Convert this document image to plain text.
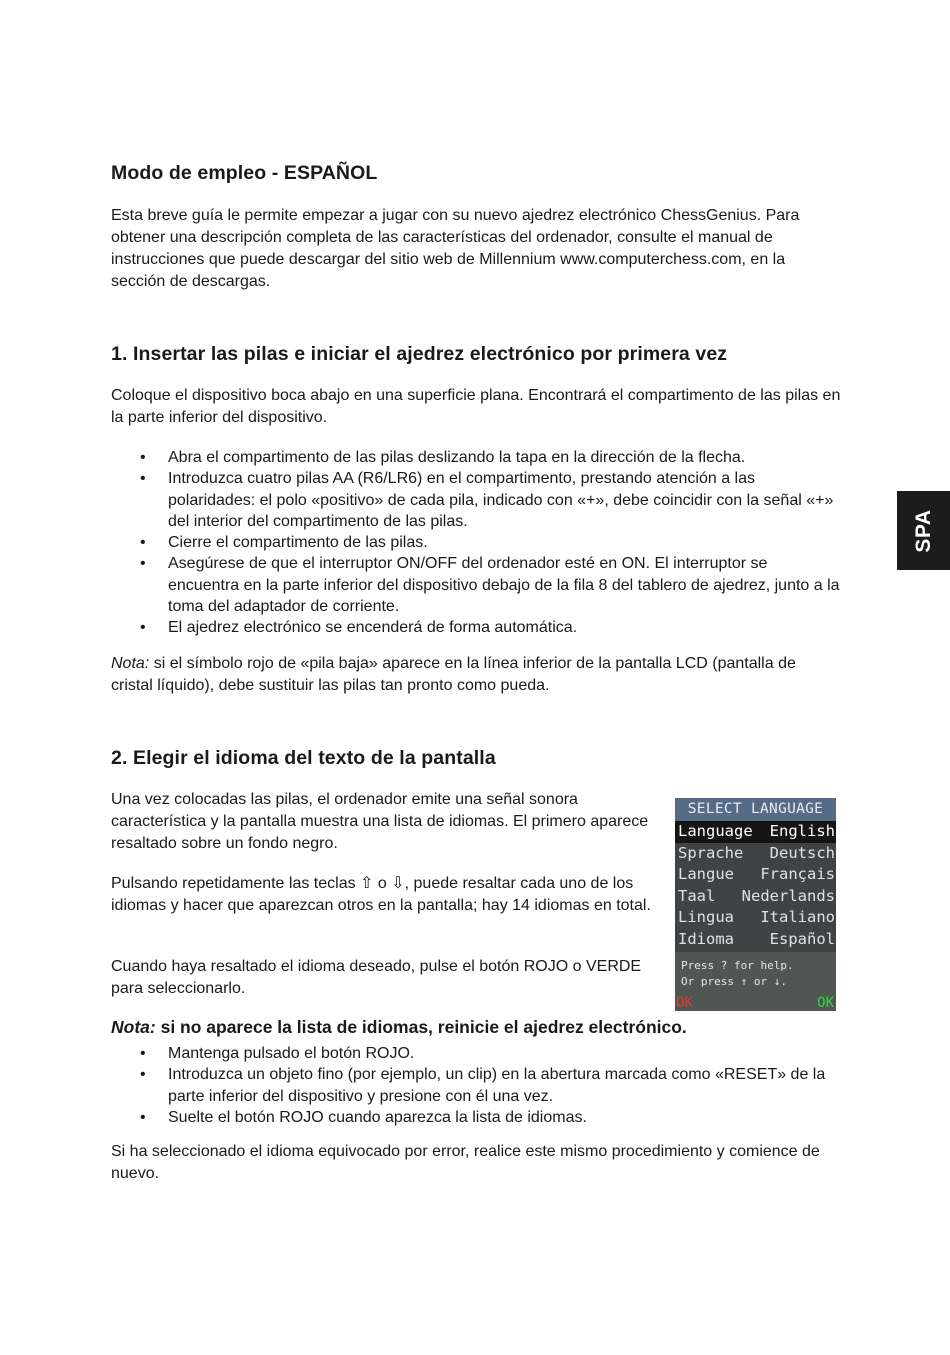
Modo de empleo - ESPAÑOL

Esta breve guía le permite empezar a jugar con su nuevo ajedrez electrónico ChessGenius. Para obtener una descripción completa de las características del ordenador, consulte el manual de instrucciones que puede descargar del sitio web de Millennium www.computerchess.com, en la sección de descargas.

1. Insertar las pilas e iniciar el ajedrez electrónico por primera vez

Coloque el dispositivo boca abajo en una superficie plana. Encontrará el compartimento de las pilas en la parte inferior del dispositivo.

• Abra el compartimento de las pilas deslizando la tapa en la dirección de la flecha.
• Introduzca cuatro pilas AA (R6/LR6) en el compartimento, prestando atención a las polaridades: el polo «positivo» de cada pila, indicado con «+», debe coincidir con la señal «+» del interior del compartimento de las pilas.
• Cierre el compartimento de las pilas.
• Asegúrese de que el interruptor ON/OFF del ordenador esté en ON. El interruptor se encuentra en la parte inferior del dispositivo debajo de la fila 8 del tablero de ajedrez, junto a la toma del adaptador de corriente.
• El ajedrez electrónico se encenderá de forma automática.

Nota: si el símbolo rojo de «pila baja» aparece en la línea inferior de la pantalla LCD (pantalla de cristal líquido), debe sustituir las pilas tan pronto como pueda.

2. Elegir el idioma del texto de la pantalla

Una vez colocadas las pilas, el ordenador emite una señal sonora característica y la pantalla muestra una lista de idiomas. El primero aparece resaltado sobre un fondo negro.

Pulsando repetidamente las teclas ⇧ o ⇩, puede resaltar cada uno de los idiomas y hacer que aparezcan otros en la pantalla; hay 14 idiomas en total.

Cuando haya resaltado el idioma deseado, pulse el botón ROJO o VERDE para seleccionarlo.

Nota: si no aparece la lista de idiomas, reinicie el ajedrez electrónico.

• Mantenga pulsado el botón ROJO.
• Introduzca un objeto fino (por ejemplo, un clip) en la abertura marcada como «RESET» de la parte inferior del dispositivo y presione con él una vez.
• Suelte el botón ROJO cuando aparezca la lista de idiomas.

Si ha seleccionado el idioma equivocado por error, realice este mismo procedimiento y comience de nuevo.

SELECT LANGUAGE
Language English
Sprache Deutsch
Langue Français
Taal Nederlands
Lingua Italiano
Idioma Español
Press ? for help.
Or press ↑ or ↓.
OK	OK
SPA
